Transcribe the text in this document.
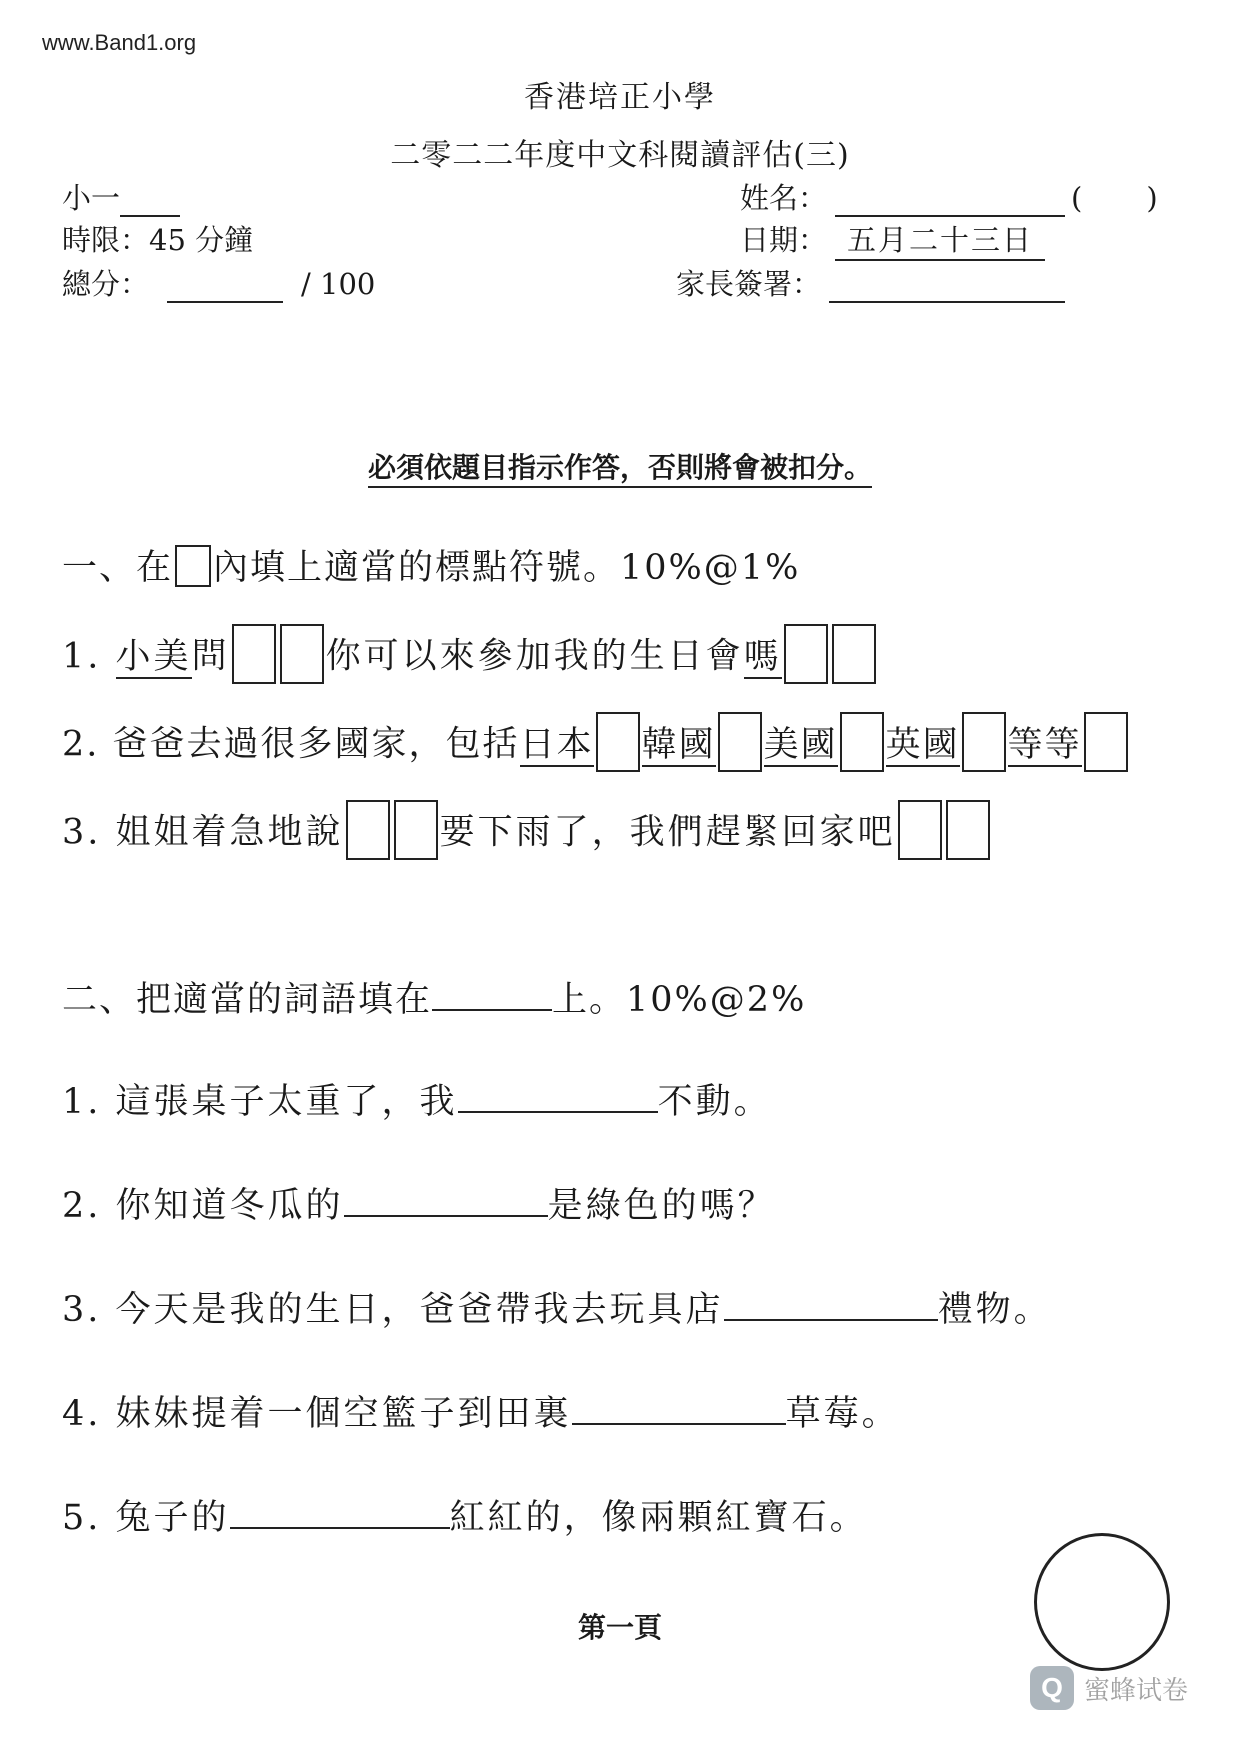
www.Band1.org
香港培正小學
二零二二年度中文科閱讀評估(三)
小一
時限：45 分鐘
總分：	/ 100
姓名：	( )
日期： 五月二十三日
家長簽署：
必須依題目指示作答，否則將會被扣分。
一、在 內填上適當的標點符號。10%@1%
1. 小美問	你可以來參加我的生日會嗎
2. 爸爸去過很多國家，包括日本 韓國 美國 英國 等等
3. 姐姐着急地說	要下雨了，我們趕緊回家吧
二、把適當的詞語填在	上。10%@2%
1. 這張桌子太重了，我	不動。
2. 你知道冬瓜的	是綠色的嗎？
3. 今天是我的生日，爸爸帶我去玩具店	禮物。
4. 妹妹提着一個空籃子到田裏	草莓。
5. 兔子的	紅紅的，像兩顆紅寶石。
第一頁
Q 蜜蜂试卷
